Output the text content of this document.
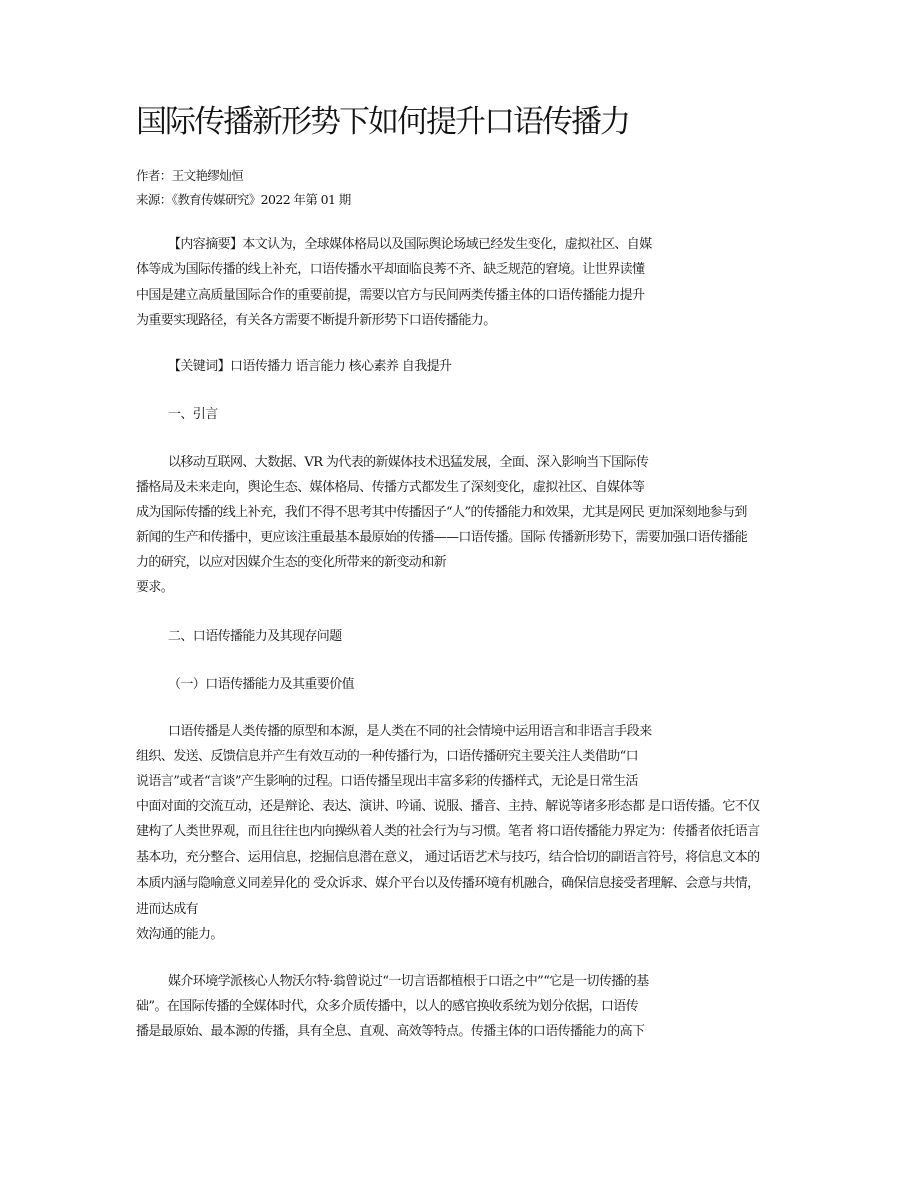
国际传播新形势下如何提升口语传播力
作者：王文艳缪灿恒
来源：《教育传媒研究》2022 年第 01 期
【内容摘要】本文认为，全球媒体格局以及国际舆论场域已经发生变化，虚拟社区、自媒
体等成为国际传播的线上补充，口语传播水平却面临良莠不齐、缺乏规范的窘境。让世界读懂
中国是建立高质量国际合作的重要前提，需要以官方与民间两类传播主体的口语传播能力提升
为重要实现路径，有关各方需要不断提升新形势下口语传播能力。
【关键词】口语传播力 语言能力 核心素养 自我提升
一、引言
以移动互联网、大数据、VR 为代表的新媒体技术迅猛发展，全面、深入影响当下国际传
播格局及未来走向，舆论生态、媒体格局、传播方式都发生了深刻变化，虚拟社区、自媒体等
成为国际传播的线上补充，我们不得不思考其中传播因子“人”的传播能力和效果，尤其是网民 更加深刻地参与到
新闻的生产和传播中，更应该注重最基本最原始的传播——口语传播。国际 传播新形势下，需要加强口语传播能
力的研究，以应对因媒介生态的变化所带来的新变动和新
要求。
二、口语传播能力及其现存问题
（一）口语传播能力及其重要价值
口语传播是人类传播的原型和本源，是人类在不同的社会情境中运用语言和非语言手段来
组织、发送、反馈信息并产生有效互动的一种传播行为，口语传播研究主要关注人类借助“口
说语言”或者“言谈”产生影响的过程。口语传播呈现出丰富多彩的传播样式，无论是日常生活
中面对面的交流互动，还是辩论、表达、演讲、吟诵、说服、播音、主持、解说等诸多形态都 是口语传播。它不仅
建构了人类世界观，而且往往也内向操纵着人类的社会行为与习惯。笔者 将口语传播能力界定为：传播者依托语言
基本功，充分整合、运用信息，挖掘信息潜在意义， 通过话语艺术与技巧，结合恰切的副语言符号，将信息文本的
本质内涵与隐喻意义同差异化的 受众诉求、媒介平台以及传播环境有机融合，确保信息接受者理解、会意与共情，
进而达成有
效沟通的能力。
媒介环境学派核心人物沃尔特·翁曾说过“一切言语都植根于口语之中”“它是一切传播的基
础”。在国际传播的全媒体时代，众多介质传播中，以人的感官换收系统为划分依据，口语传
播是最原始、最本源的传播，具有全息、直观、高效等特点。传播主体的口语传播能力的高下
